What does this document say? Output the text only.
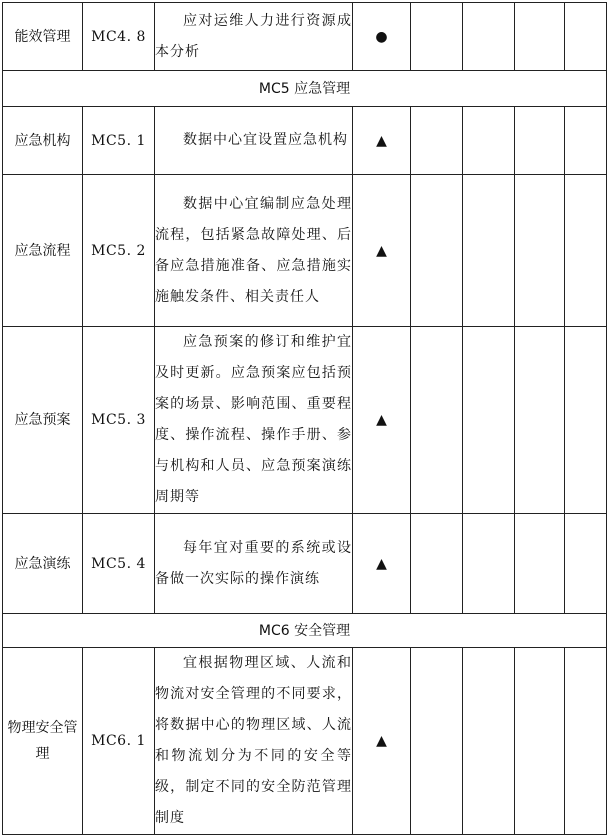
能效管理	MC4. 8	应对运维人力进行资源成本分析	●				
MC5 应急管理							
应急机构	MC5. 1	数据中心宜设置应急机构	▲				
应急流程	MC5. 2	数据中心宜编制应急处理流程，包括紧急故障处理、后备应急措施准备、应急措施实施触发条件、相关责任人	▲				
应急预案	MC5. 3	应急预案的修订和维护宜及时更新。应急预案应包括预案的场景、影响范围、重要程度、操作流程、操作手册、参与机构和人员、应急预案演练周期等	▲				
应急演练	MC5. 4	每年宜对重要的系统或设备做一次实际的操作演练	▲				
MC6 安全管理							
物理安全管理	MC6. 1	宜根据物理区域、人流和物流对安全管理的不同要求，将数据中心的物理区域、人流和物流划分为不同的安全等级，制定不同的安全防范管理制度	▲				
